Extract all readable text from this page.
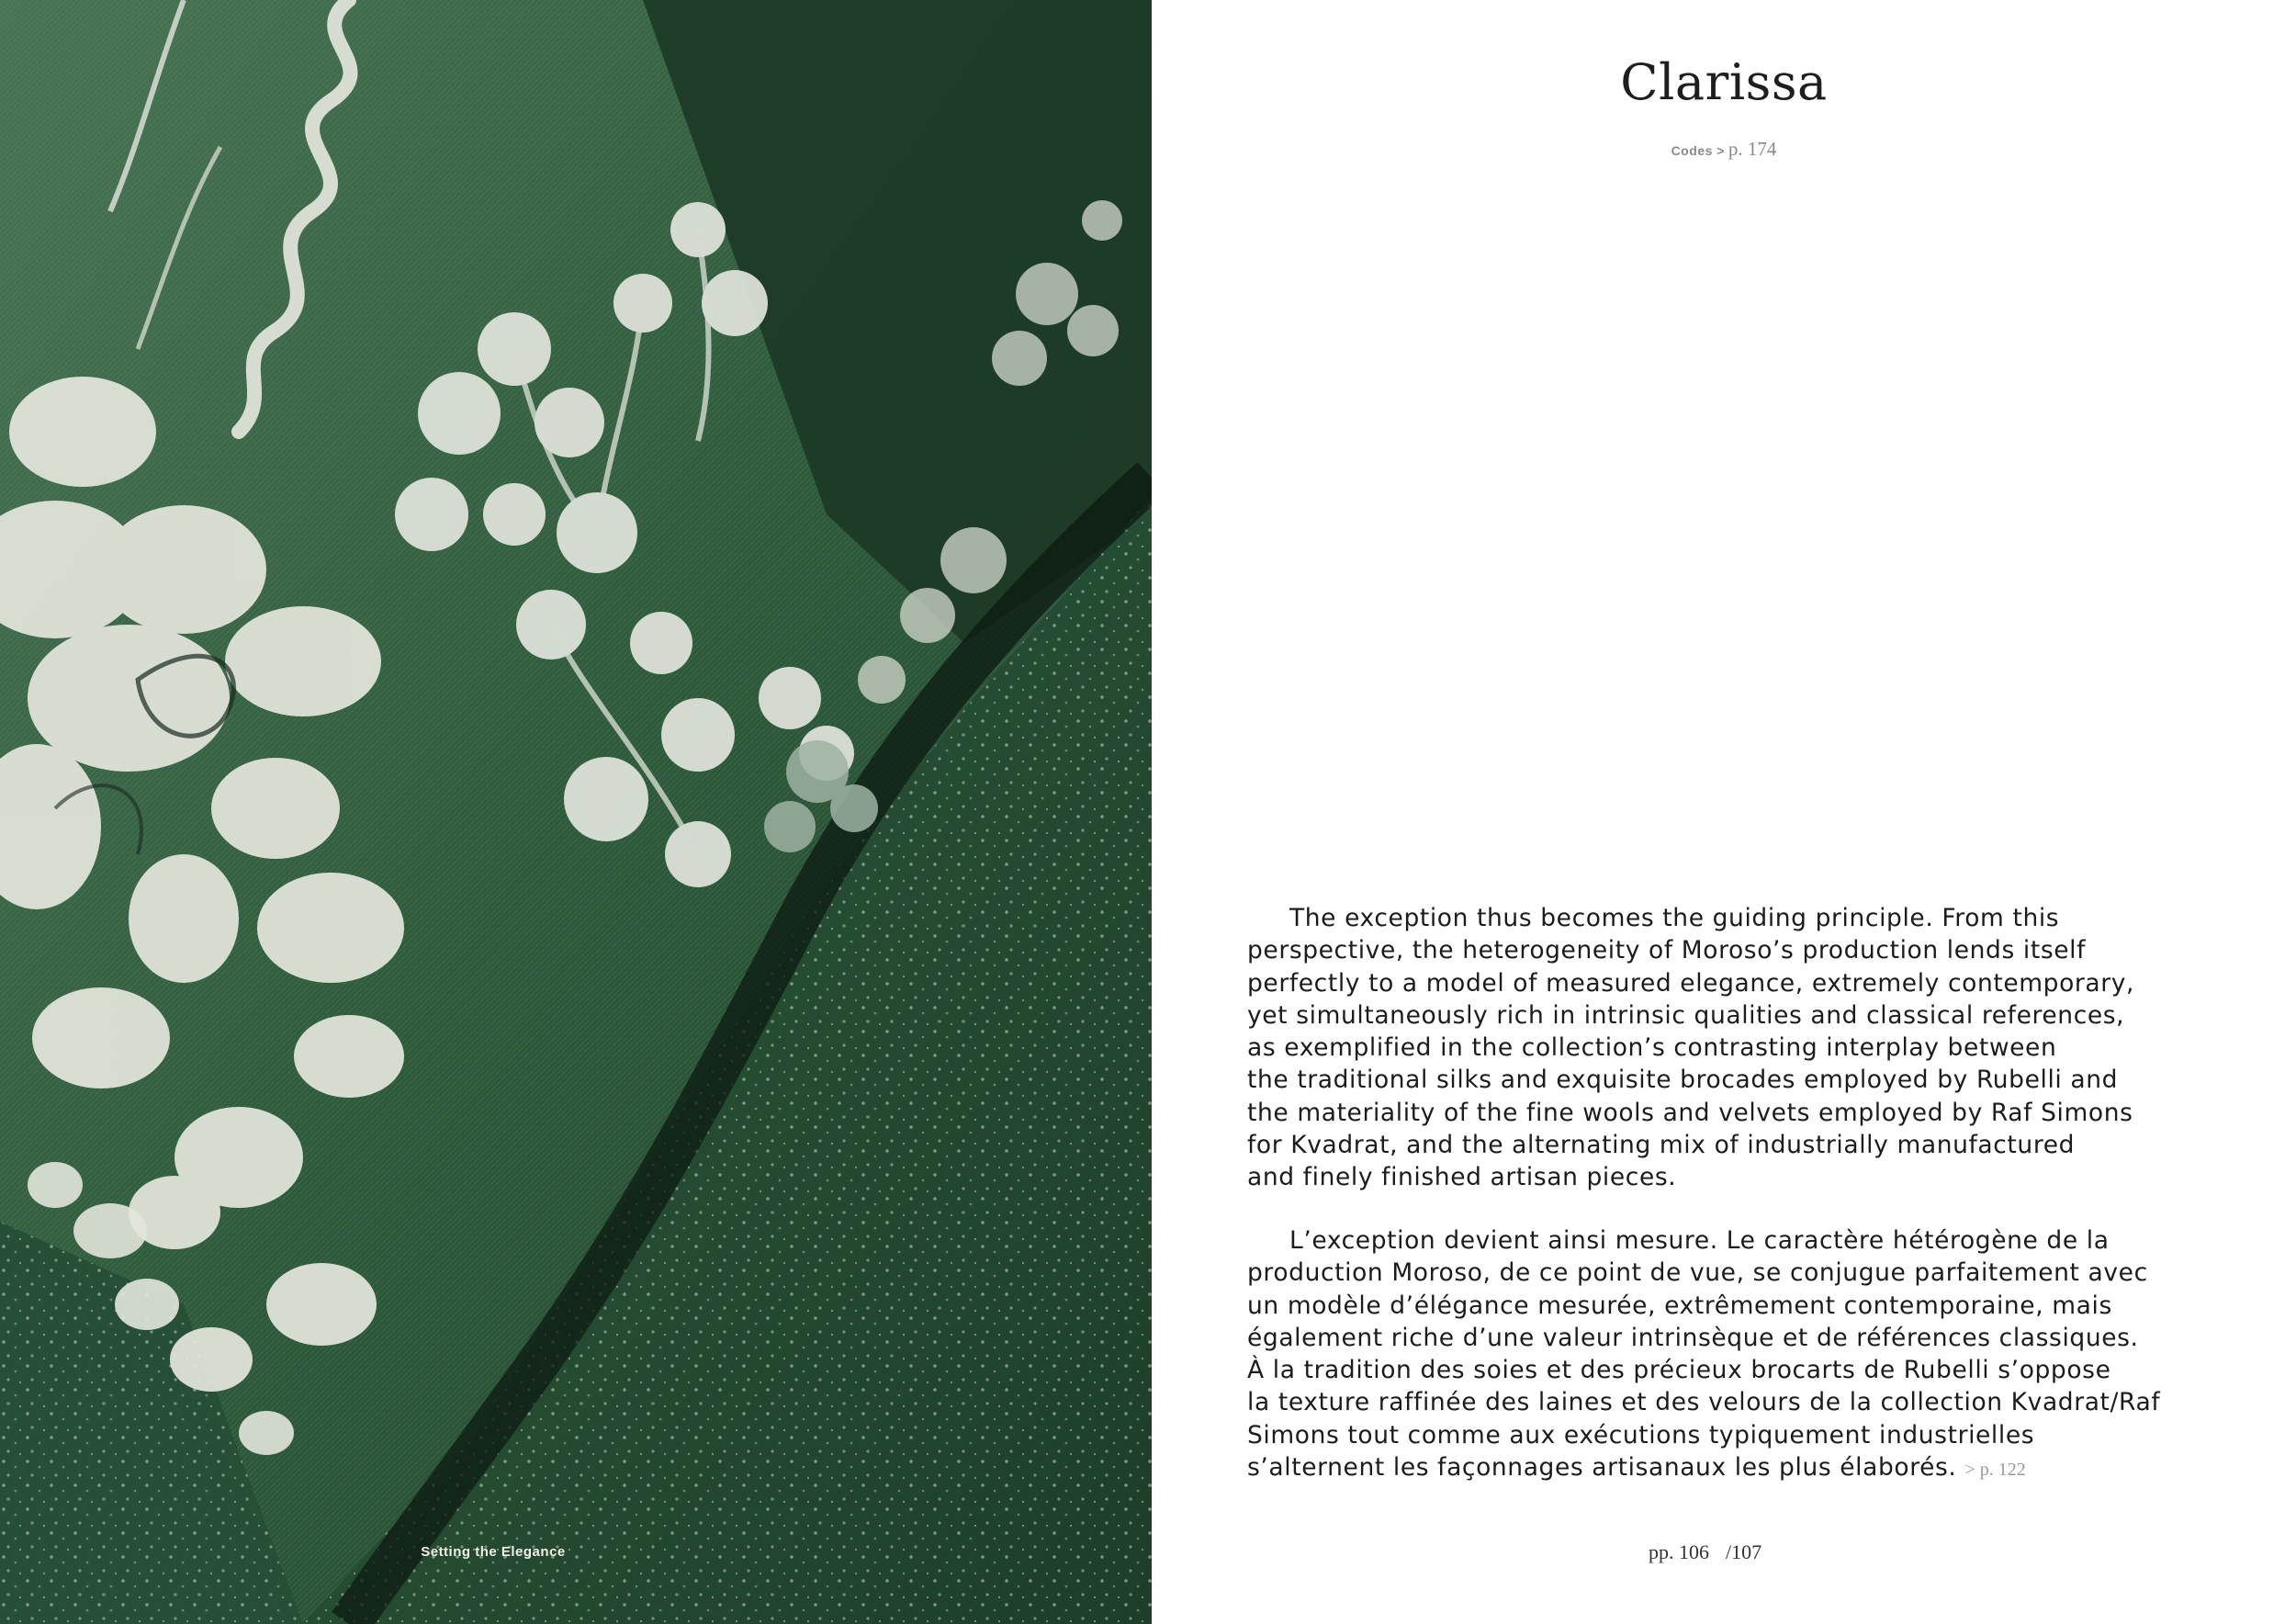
Setting the Elegance
Clarissa
Codes > p. 174
The exception thus becomes the guiding principle. From this
perspective, the heterogeneity of Moroso’s production lends itself
perfectly to a model of measured elegance, extremely contemporary,
yet simultaneously rich in intrinsic qualities and classical references,
as exemplified in the collection’s contrasting interplay between
the traditional silks and exquisite brocades employed by Rubelli and
the materiality of the fine wools and velvets employed by Raf Simons
for Kvadrat, and the alternating mix of industrially manufactured
and finely finished artisan pieces.
L’exception devient ainsi mesure. Le caractère hétérogène de la
production Moroso, de ce point de vue, se conjugue parfaitement avec
un modèle d’élégance mesurée, extrêmement contemporaine, mais
également riche d’une valeur intrinsèque et de références classiques.
À la tradition des soies et des précieux brocarts de Rubelli s’oppose
la texture raffinée des laines et des velours de la collection Kvadrat/Raf
Simons tout comme aux exécutions typiquement industrielles
s’alternent les façonnages artisanaux les plus élaborés. > p. 122
pp. 106 /107
